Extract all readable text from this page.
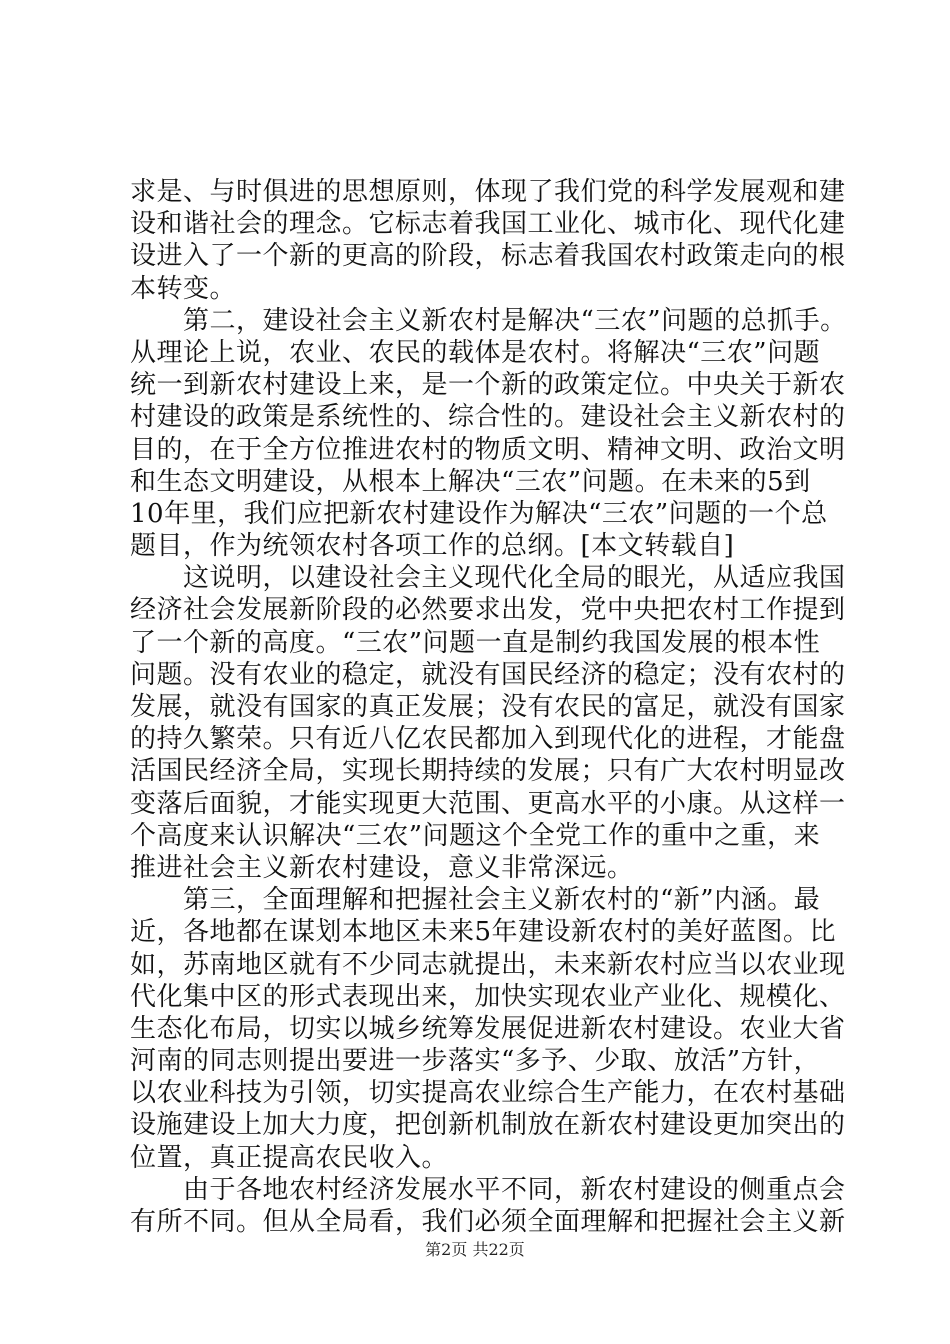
求是、与时俱进的思想原则，体现了我们党的科学发展观和建
设和谐社会的理念。它标志着我国工业化、城市化、现代化建
设进入了一个新的更高的阶段，标志着我国农村政策走向的根
本转变。
　　第二，建设社会主义新农村是解决“三农”问题的总抓手。
从理论上说，农业、农民的载体是农村。将解决“三农”问题
统一到新农村建设上来，是一个新的政策定位。中央关于新农
村建设的政策是系统性的、综合性的。建设社会主义新农村的
目的，在于全方位推进农村的物质文明、精神文明、政治文明
和生态文明建设，从根本上解决“三农”问题。在未来的5到
10年里，我们应把新农村建设作为解决“三农”问题的一个总
题目，作为统领农村各项工作的总纲。[本文转载自]
　　这说明，以建设社会主义现代化全局的眼光，从适应我国
经济社会发展新阶段的必然要求出发，党中央把农村工作提到
了一个新的高度。“三农”问题一直是制约我国发展的根本性
问题。没有农业的稳定，就没有国民经济的稳定；没有农村的
发展，就没有国家的真正发展；没有农民的富足，就没有国家
的持久繁荣。只有近八亿农民都加入到现代化的进程，才能盘
活国民经济全局，实现长期持续的发展；只有广大农村明显改
变落后面貌，才能实现更大范围、更高水平的小康。从这样一
个高度来认识解决“三农”问题这个全党工作的重中之重，来
推进社会主义新农村建设，意义非常深远。
　　第三，全面理解和把握社会主义新农村的“新”内涵。最
近，各地都在谋划本地区未来5年建设新农村的美好蓝图。比
如，苏南地区就有不少同志就提出，未来新农村应当以农业现
代化集中区的形式表现出来，加快实现农业产业化、规模化、
生态化布局，切实以城乡统筹发展促进新农村建设。农业大省
河南的同志则提出要进一步落实“多予、少取、放活”方针，
以农业科技为引领，切实提高农业综合生产能力，在农村基础
设施建设上加大力度，把创新机制放在新农村建设更加突出的
位置，真正提高农民收入。
　　由于各地农村经济发展水平不同，新农村建设的侧重点会
有所不同。但从全局看，我们必须全面理解和把握社会主义新
第2页 共22页
